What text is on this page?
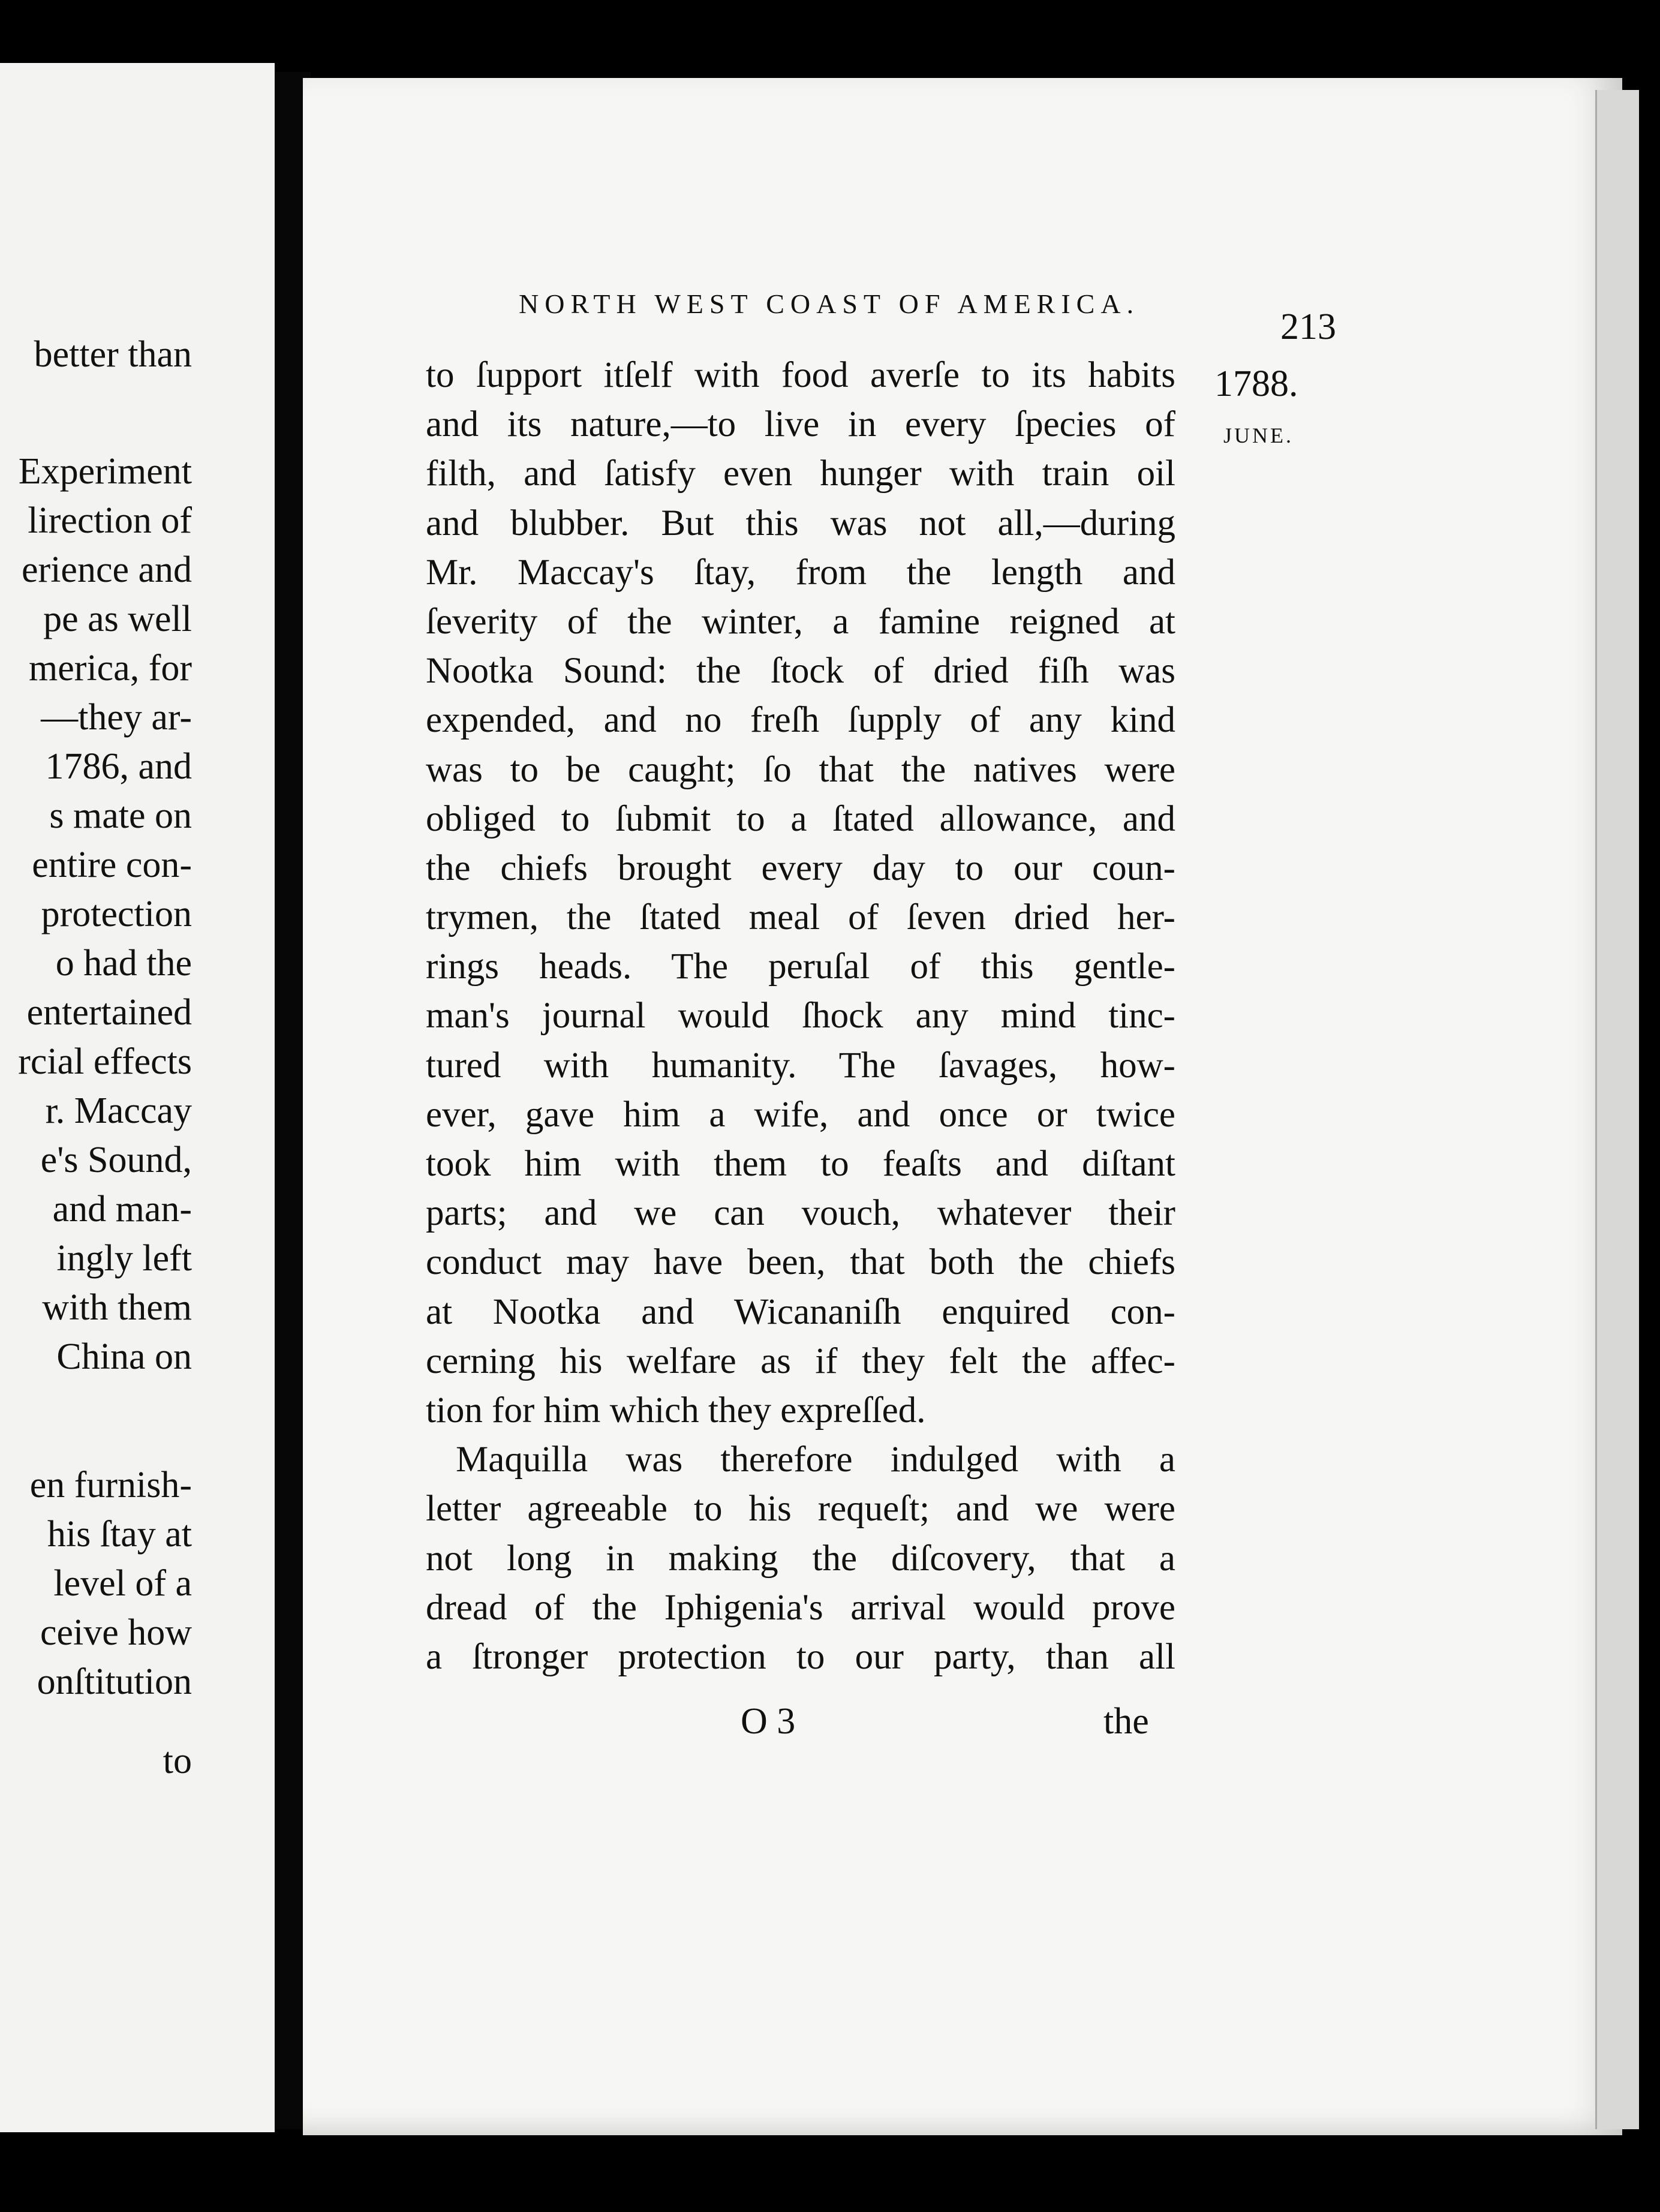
better than
Experiment
lirection of
erience and
pe as well
merica, for
—they ar-
1786, and
s mate on
entire con-
protection
o had the
entertained
rcial effects
r. Maccay
e's Sound,
and man-
ingly left
with them
China on
en furnish-
his ſtay at
level of a
ceive how
onſtitution
to
NORTH WEST COAST OF AMERICA.
213
1788.
JUNE.
to ſupport itſelf with food averſe to its habits
and its nature,—to live in every ſpecies of
filth, and ſatisfy even hunger with train oil
and blubber. But this was not all,—during
Mr. Maccay's ſtay, from the length and
ſeverity of the winter, a famine reigned at
Nootka Sound: the ſtock of dried fiſh was
expended, and no freſh ſupply of any kind
was to be caught; ſo that the natives were
obliged to ſubmit to a ſtated allowance, and
the chiefs brought every day to our coun-
trymen, the ſtated meal of ſeven dried her-
rings heads. The peruſal of this gentle-
man's journal would ſhock any mind tinc-
tured with humanity. The ſavages, how-
ever, gave him a wife, and once or twice
took him with them to feaſts and diſtant
parts; and we can vouch, whatever their
conduct may have been, that both the chiefs
at Nootka and Wicananiſh enquired con-
cerning his welfare as if they felt the affec-
tion for him which they expreſſed.
Maquilla was therefore indulged with a
letter agreeable to his requeſt; and we were
not long in making the diſcovery, that a
dread of the Iphigenia's arrival would prove
a ſtronger protection to our party, than all
O 3	the
